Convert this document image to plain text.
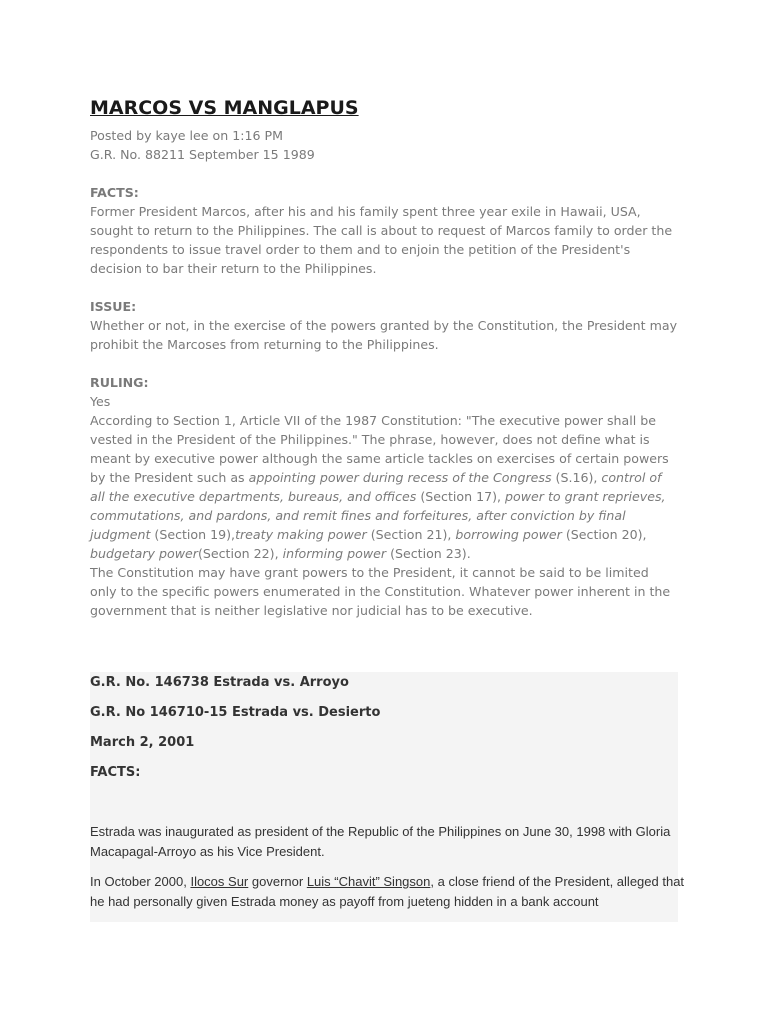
MARCOS VS MANGLAPUS

Posted by kaye lee on 1:16 PM

G.R. No. 88211 September 15 1989

FACTS:

Former President Marcos, after his and his family spent three year exile in Hawaii, USA, sought to return to the Philippines. The call is about to request of Marcos family to order the respondents to issue travel order to them and to enjoin the petition of the President's decision to bar their return to the Philippines.

ISSUE:

Whether or not, in the exercise of the powers granted by the Constitution, the President may prohibit the Marcoses from returning to the Philippines.

RULING:

Yes

According to Section 1, Article VII of the 1987 Constitution: "The executive power shall be vested in the President of the Philippines." The phrase, however, does not define what is meant by executive power although the same article tackles on exercises of certain powers by the President such as appointing power during recess of the Congress (S.16), control of all the executive departments, bureaus, and offices (Section 17), power to grant reprieves, commutations, and pardons, and remit fines and forfeitures, after conviction by final judgment (Section 19),treaty making power (Section 21), borrowing power (Section 20), budgetary power(Section 22), informing power (Section 23).

The Constitution may have grant powers to the President, it cannot be said to be limited only to the specific powers enumerated in the Constitution. Whatever power inherent in the government that is neither legislative nor judicial has to be executive.

G.R. No. 146738 Estrada vs. Arroyo

G.R. No 146710-15 Estrada vs. Desierto

March 2, 2001

FACTS:

Estrada was inaugurated as president of the Republic of the Philippines on June 30, 1998 with Gloria Macapagal-Arroyo as his Vice President.

In October 2000, Ilocos Sur governor Luis “Chavit” Singson, a close friend of the President, alleged that he had personally given Estrada money as payoff from jueteng hidden in a bank account
